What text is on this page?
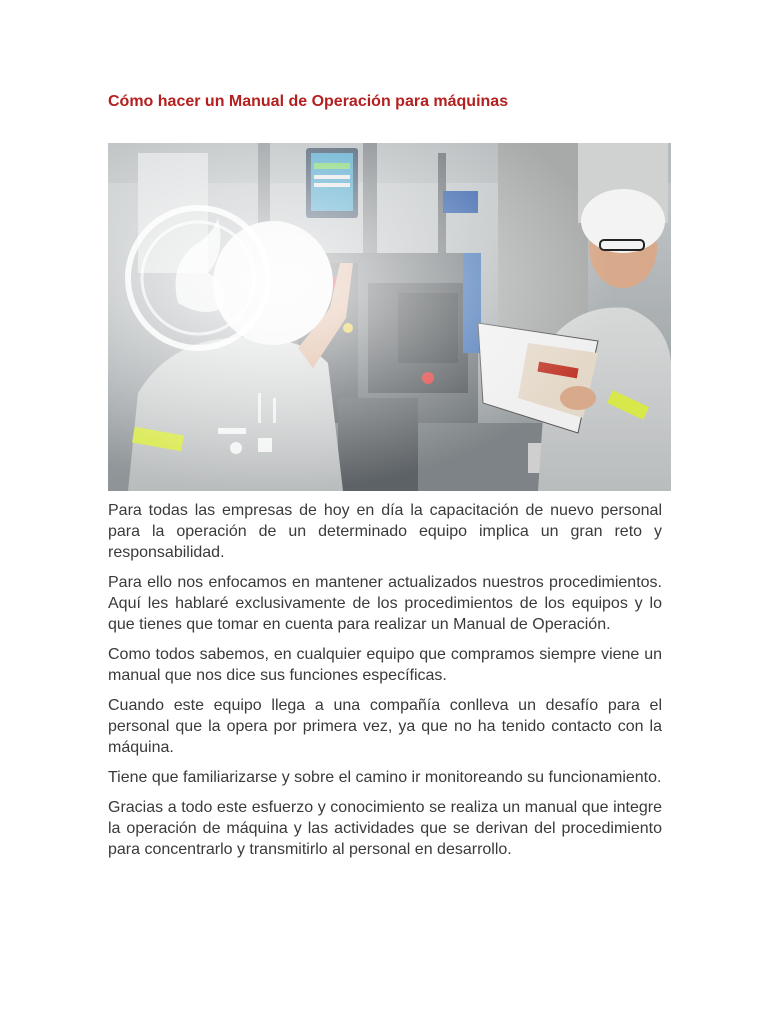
Cómo hacer un Manual de Operación para máquinas

Para todas las empresas de hoy en día la capacitación de nuevo personal para la operación de un determinado equipo implica un gran reto y responsabilidad.

Para ello nos enfocamos en mantener actualizados nuestros procedimientos. Aquí les hablaré exclusivamente de los procedimientos de los equipos y lo que tienes que tomar en cuenta para realizar un Manual de Operación.

Como todos sabemos, en cualquier equipo que compramos siempre viene un manual que nos dice sus funciones específicas.

Cuando este equipo llega a una compañía conlleva un desafío para el personal que la opera por primera vez, ya que no ha tenido contacto con la máquina.

Tiene que familiarizarse y sobre el camino ir monitoreando su funcionamiento.

Gracias a todo este esfuerzo y conocimiento se realiza un manual que integre la operación de máquina y las actividades que se derivan del procedimiento para concentrarlo y transmitirlo al personal en desarrollo.
